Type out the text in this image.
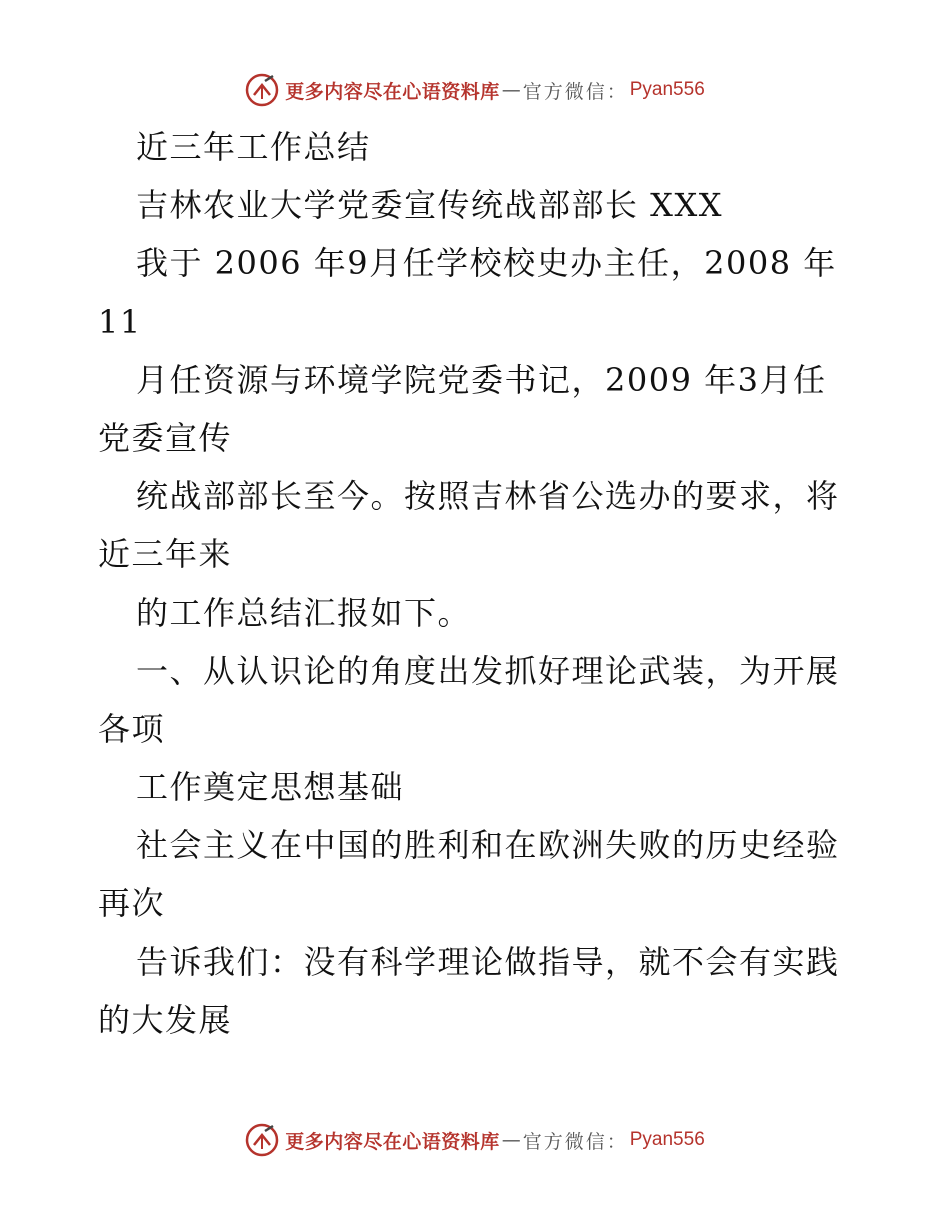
更多内容尽在心语资料库 — 官方微信： Pyan556
近三年工作总结
吉林农业大学党委宣传统战部部长 XXX
我于 2006 年9月任学校校史办主任，2008 年
11
月任资源与环境学院党委书记，2009 年3月任
党委宣传
统战部部长至今。按照吉林省公选办的要求，将
近三年来
的工作总结汇报如下。
一、从认识论的角度出发抓好理论武装，为开展
各项
工作奠定思想基础
社会主义在中国的胜利和在欧洲失败的历史经验
再次
告诉我们：没有科学理论做指导，就不会有实践
的大发展
更多内容尽在心语资料库 — 官方微信： Pyan556
